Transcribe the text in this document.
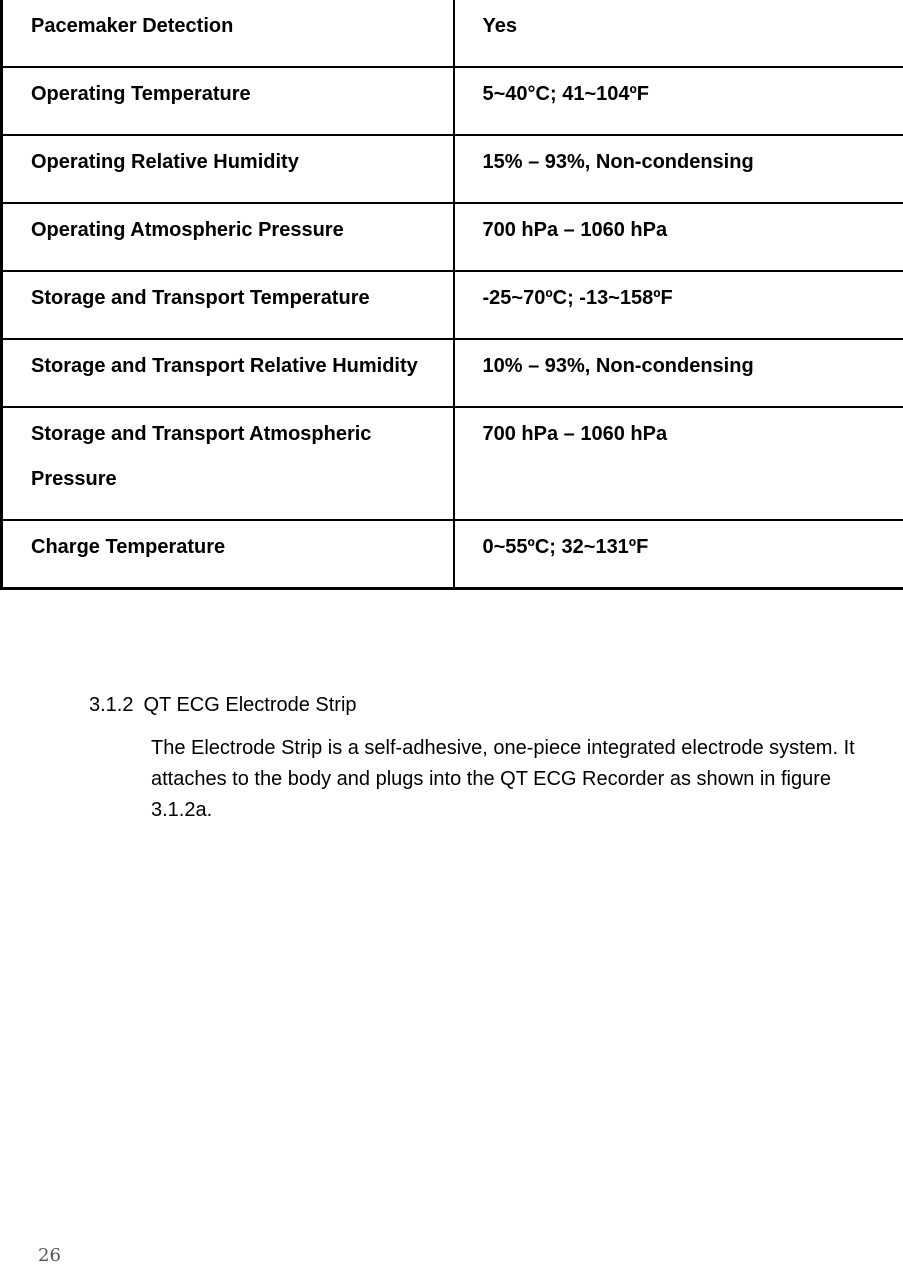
Pacemaker Detection	Yes
Operating Temperature	5~40°C; 41~104ºF
Operating Relative Humidity	15% – 93%, Non-condensing
Operating Atmospheric Pressure	700 hPa – 1060 hPa
Storage and Transport Temperature	-25~70ºC; -13~158ºF
Storage and Transport Relative Humidity	10% – 93%, Non-condensing
Storage and Transport Atmospheric Pressure	700 hPa – 1060 hPa
Charge Temperature	0~55ºC; 32~131ºF
3.1.2 QT ECG Electrode Strip
The Electrode Strip is a self-adhesive, one-piece integrated electrode system. It attaches to the body and plugs into the QT ECG Recorder as shown in figure 3.1.2a.
26
